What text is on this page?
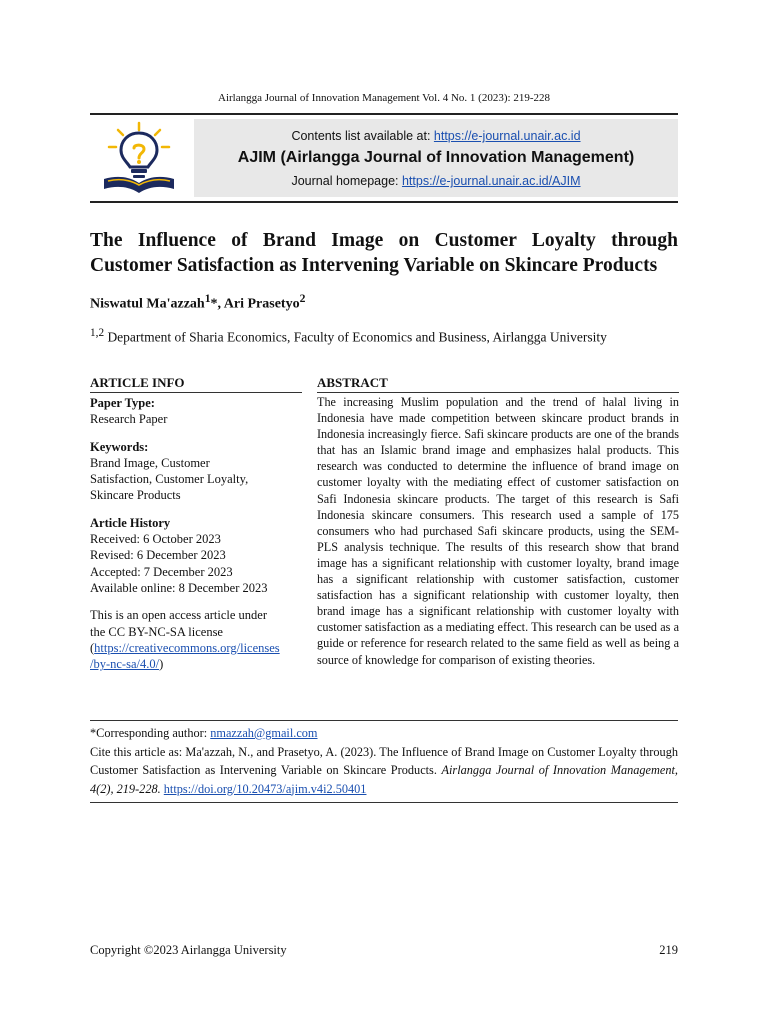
Airlangga Journal of Innovation Management Vol. 4 No. 1 (2023): 219-228
Contents list available at: https://e-journal.unair.ac.id
AJIM (Airlangga Journal of Innovation Management)
Journal homepage: https://e-journal.unair.ac.id/AJIM
The Influence of Brand Image on Customer Loyalty through
Customer Satisfaction as Intervening Variable on Skincare Products
Niswatul Ma'azzah$^1$*, Ari Prasetyo$^2$
$^{1,2}$ Department of Sharia Economics, Faculty of Economics and Business, Airlangga University
ARTICLE INFO	ABSTRACT
Paper Type:
Research Paper
Keywords:
Brand Image, Customer
Satisfaction, Customer Loyalty,
Skincare Products
Article History
Received: 6 October 2023
Revised: 6 December 2023
Accepted: 7 December 2023
Available online: 8 December 2023
This is an open access article under
the CC BY-NC-SA license
(https://creativecommons.org/licenses
/by-nc-sa/4.0/)
The increasing Muslim population and the trend of halal living in Indonesia have made competition between skincare product brands in Indonesia increasingly fierce. Safi skincare products are one of the brands that has an Islamic brand image and emphasizes halal products. This research was conducted to determine the influence of brand image on customer loyalty with the mediating effect of customer satisfaction on Safi Indonesia skincare products. The target of this research is Safi Indonesia skincare consumers. This research used a sample of 175 consumers who had purchased Safi skincare products, using the SEM-PLS analysis technique. The results of this research show that brand image has a significant relationship with customer loyalty, brand image has a significant relationship with customer satisfaction, customer satisfaction has a significant relationship with customer loyalty, then brand image has a significant relationship with customer loyalty with customer satisfaction as a mediating effect. This research can be used as a guide or reference for research related to the same field as well as being a source of knowledge for comparison of existing theories.
*Corresponding author: nmazzah@gmail.com
Cite this article as: Ma'azzah, N., and Prasetyo, A. (2023). The Influence of Brand Image on Customer Loyalty through Customer Satisfaction as Intervening Variable on Skincare Products. Airlangga Journal of Innovation Management, 4(2), 219-228. https://doi.org/10.20473/ajim.v4i2.50401
Copyright ©2023 Airlangga University	219
